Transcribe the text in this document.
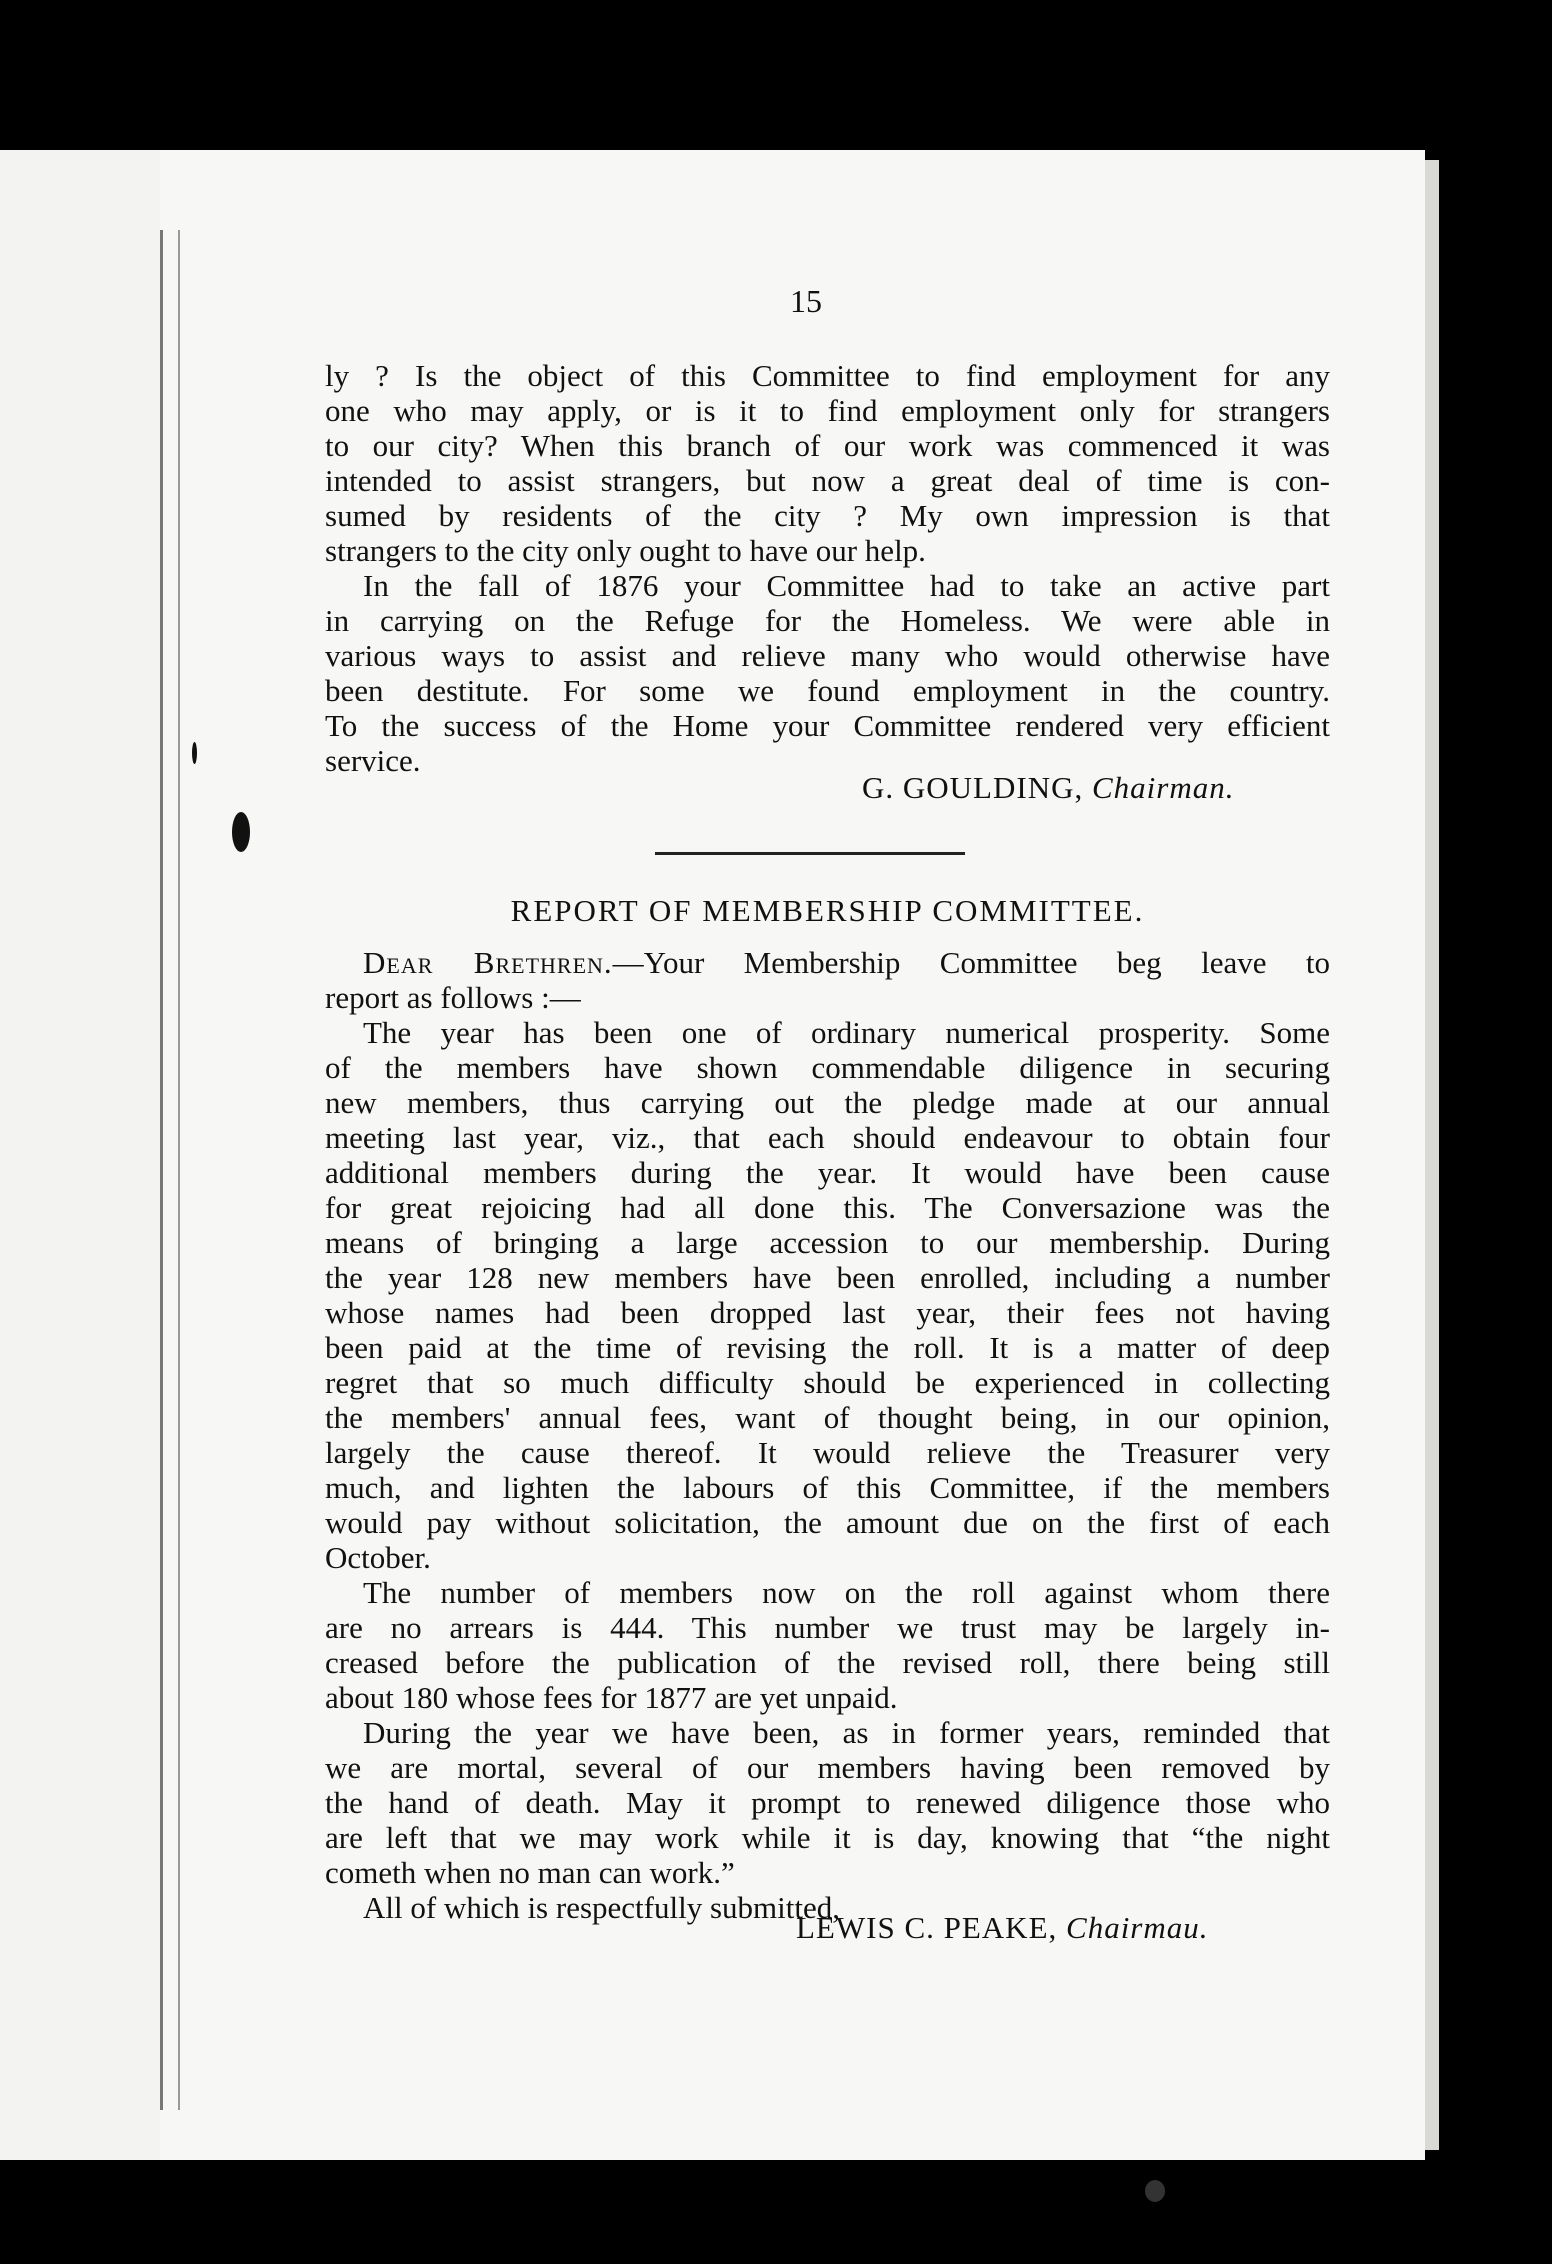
15
ly ? Is the object of this Committee to find employment for any
one who may apply, or is it to find employment only for strangers
to our city? When this branch of our work was commenced it was
intended to assist strangers, but now a great deal of time is con-
sumed by residents of the city ? My own impression is that
strangers to the city only ought to have our help.
In the fall of 1876 your Committee had to take an active part
in carrying on the Refuge for the Homeless. We were able in
various ways to assist and relieve many who would otherwise have
been destitute. For some we found employment in the country.
To the success of the Home your Committee rendered very efficient
service.
G. GOULDING, Chairman.
REPORT OF MEMBERSHIP COMMITTEE.
Dear Brethren.—Your Membership Committee beg leave to
report as follows :—
The year has been one of ordinary numerical prosperity. Some
of the members have shown commendable diligence in securing
new members, thus carrying out the pledge made at our annual
meeting last year, viz., that each should endeavour to obtain four
additional members during the year. It would have been cause
for great rejoicing had all done this. The Conversazione was the
means of bringing a large accession to our membership. During
the year 128 new members have been enrolled, including a number
whose names had been dropped last year, their fees not having
been paid at the time of revising the roll. It is a matter of deep
regret that so much difficulty should be experienced in collecting
the members' annual fees, want of thought being, in our opinion,
largely the cause thereof. It would relieve the Treasurer very
much, and lighten the labours of this Committee, if the members
would pay without solicitation, the amount due on the first of each
October.
The number of members now on the roll against whom there
are no arrears is 444. This number we trust may be largely in-
creased before the publication of the revised roll, there being still
about 180 whose fees for 1877 are yet unpaid.
During the year we have been, as in former years, reminded that
we are mortal, several of our members having been removed by
the hand of death. May it prompt to renewed diligence those who
are left that we may work while it is day, knowing that “the night
cometh when no man can work.”
All of which is respectfully submitted,
LEWIS C. PEAKE, Chairmau.
